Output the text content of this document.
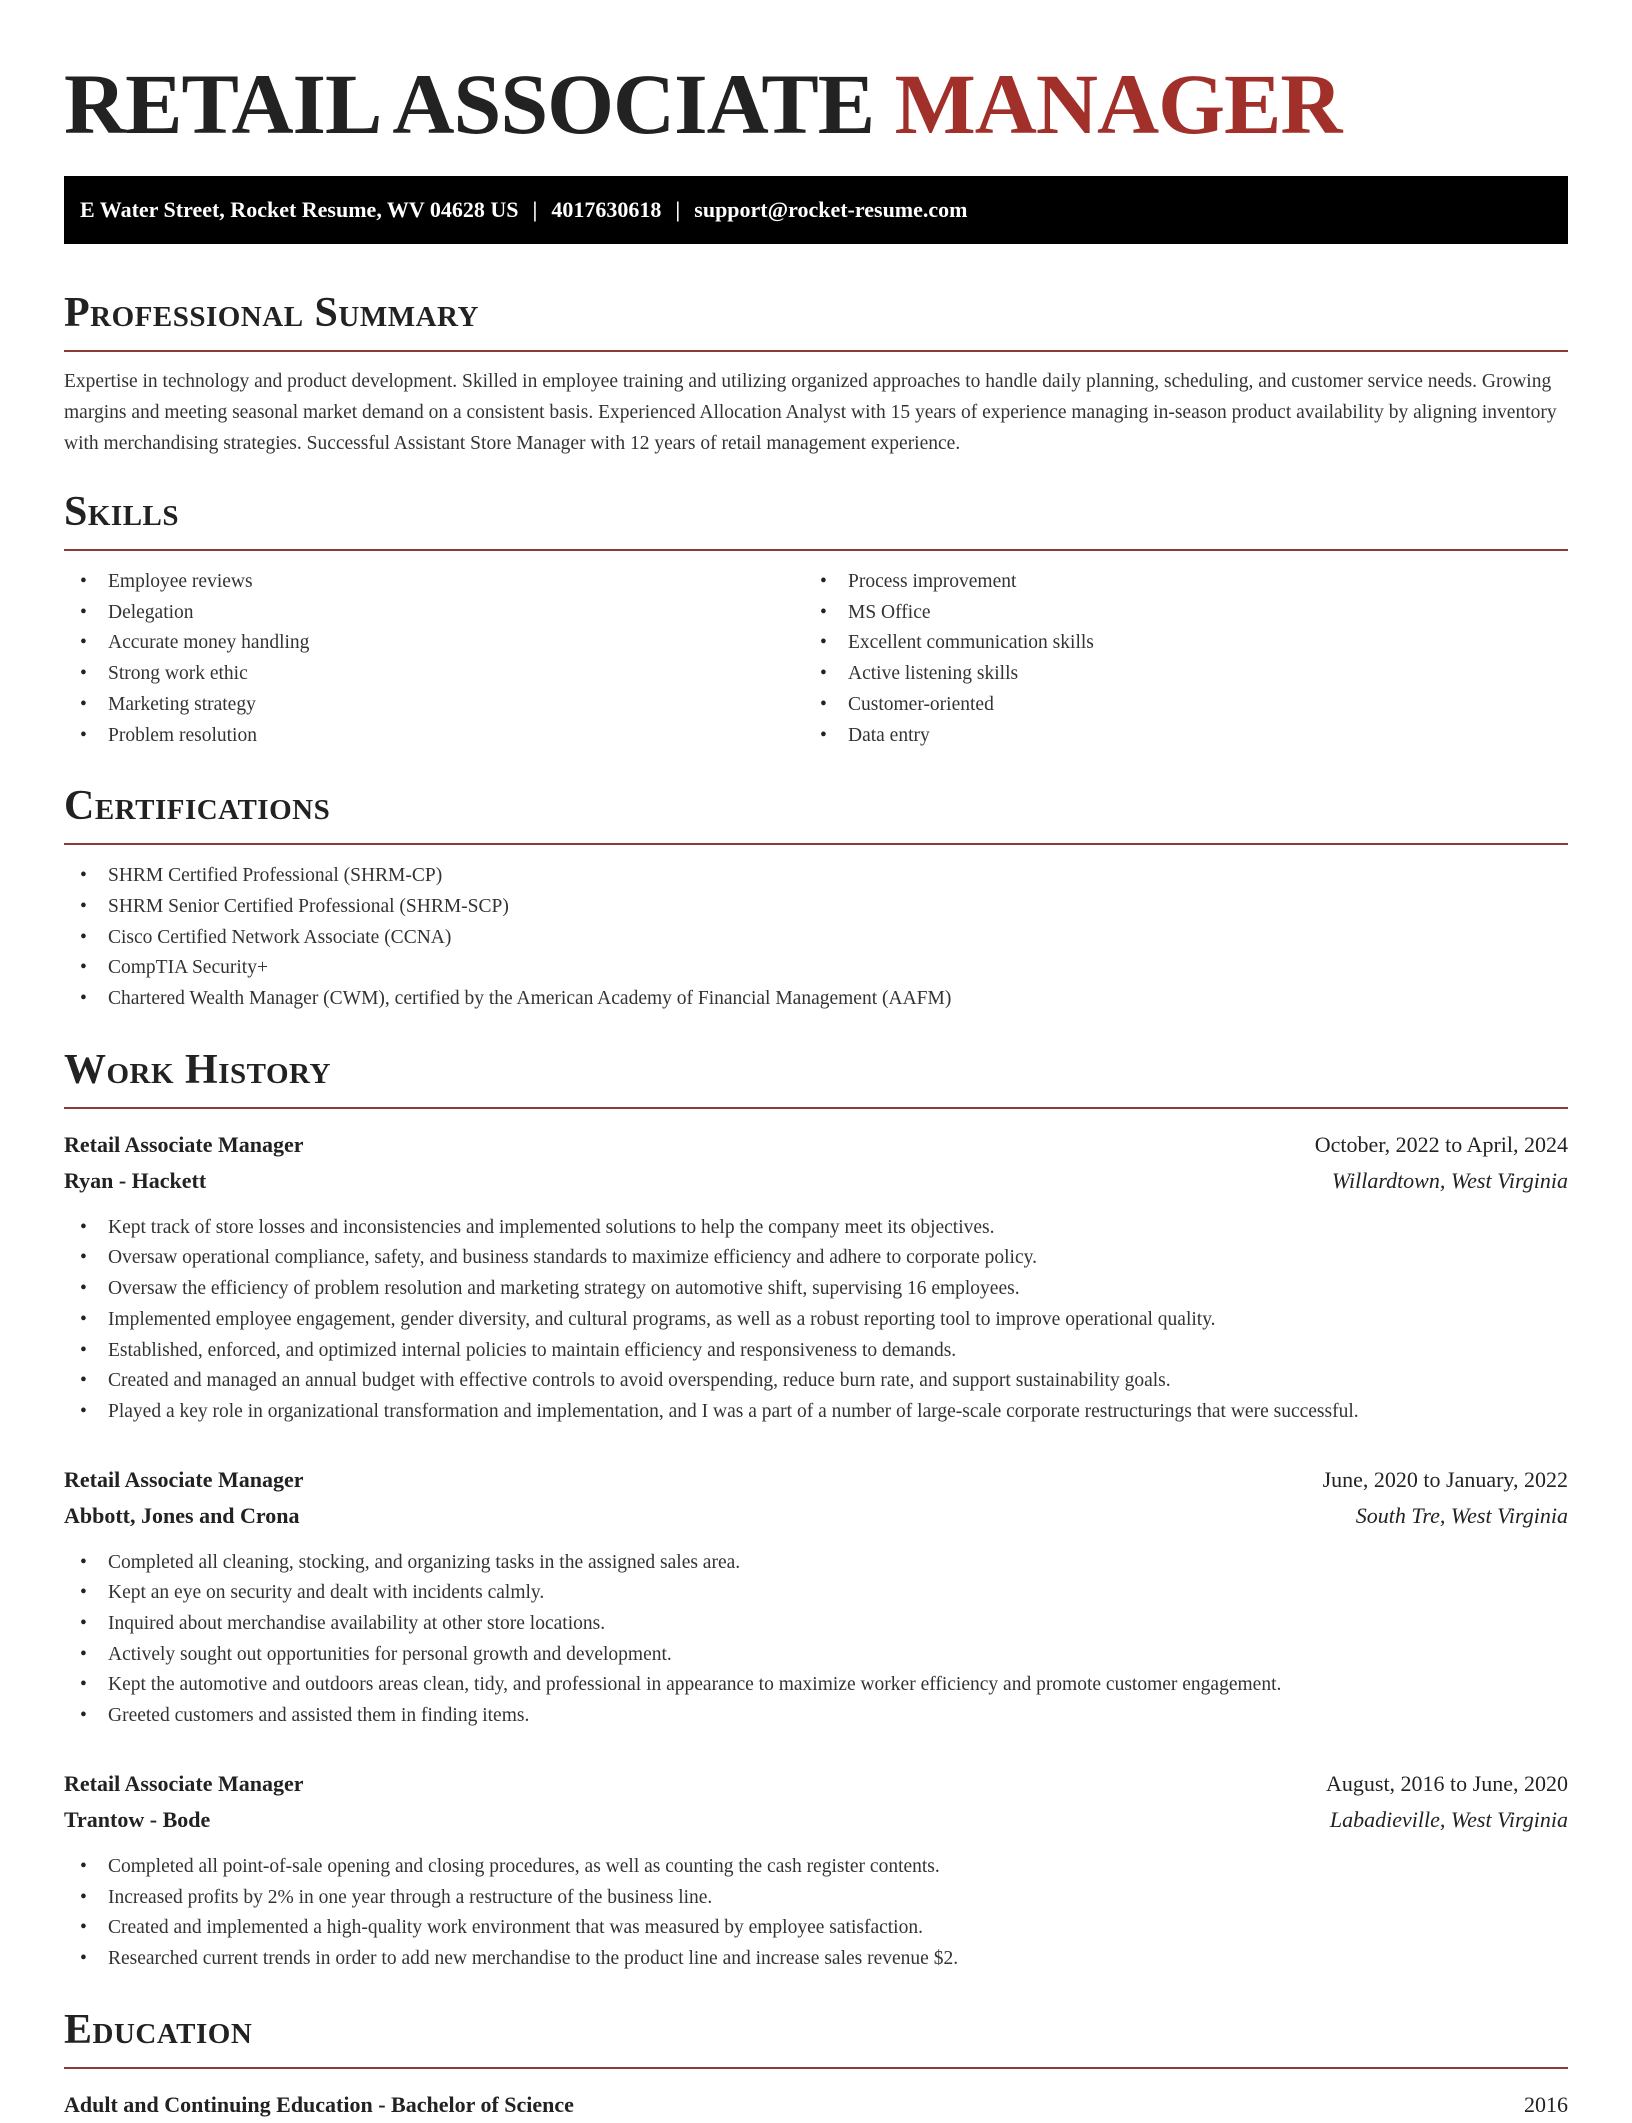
RETAIL ASSOCIATE MANAGER
E Water Street, Rocket Resume, WV 04628 US | 4017630618 | support@rocket-resume.com
Professional Summary

Expertise in technology and product development. Skilled in employee training and utilizing organized approaches to handle daily planning, scheduling, and customer service needs. Growing margins and meeting seasonal market demand on a consistent basis. Experienced Allocation Analyst with 15 years of experience managing in-season product availability by aligning inventory with merchandising strategies. Successful Assistant Store Manager with 12 years of retail management experience.

Skills
• Employee reviews
• Delegation
• Accurate money handling
• Strong work ethic
• Marketing strategy
• Problem resolution
• Process improvement
• MS Office
• Excellent communication skills
• Active listening skills
• Customer-oriented
• Data entry
Certifications
• SHRM Certified Professional (SHRM-CP)
• SHRM Senior Certified Professional (SHRM-SCP)
• Cisco Certified Network Associate (CCNA)
• CompTIA Security+
• Chartered Wealth Manager (CWM), certified by the American Academy of Financial Management (AAFM)
Work History
Retail Associate Manager	October, 2022 to April, 2024
Ryan - Hackett	Willardtown, West Virginia
• Kept track of store losses and inconsistencies and implemented solutions to help the company meet its objectives.
• Oversaw operational compliance, safety, and business standards to maximize efficiency and adhere to corporate policy.
• Oversaw the efficiency of problem resolution and marketing strategy on automotive shift, supervising 16 employees.
• Implemented employee engagement, gender diversity, and cultural programs, as well as a robust reporting tool to improve operational quality.
• Established, enforced, and optimized internal policies to maintain efficiency and responsiveness to demands.
• Created and managed an annual budget with effective controls to avoid overspending, reduce burn rate, and support sustainability goals.
• Played a key role in organizational transformation and implementation, and I was a part of a number of large-scale corporate restructurings that were successful.
Retail Associate Manager	June, 2020 to January, 2022
Abbott, Jones and Crona	South Tre, West Virginia
• Completed all cleaning, stocking, and organizing tasks in the assigned sales area.
• Kept an eye on security and dealt with incidents calmly.
• Inquired about merchandise availability at other store locations.
• Actively sought out opportunities for personal growth and development.
• Kept the automotive and outdoors areas clean, tidy, and professional in appearance to maximize worker efficiency and promote customer engagement.
• Greeted customers and assisted them in finding items.
Retail Associate Manager	August, 2016 to June, 2020
Trantow - Bode	Labadieville, West Virginia
• Completed all point-of-sale opening and closing procedures, as well as counting the cash register contents.
• Increased profits by 2% in one year through a restructure of the business line.
• Created and implemented a high-quality work environment that was measured by employee satisfaction.
• Researched current trends in order to add new merchandise to the product line and increase sales revenue $2.
Education
Adult and Continuing Education - Bachelor of Science	2016
